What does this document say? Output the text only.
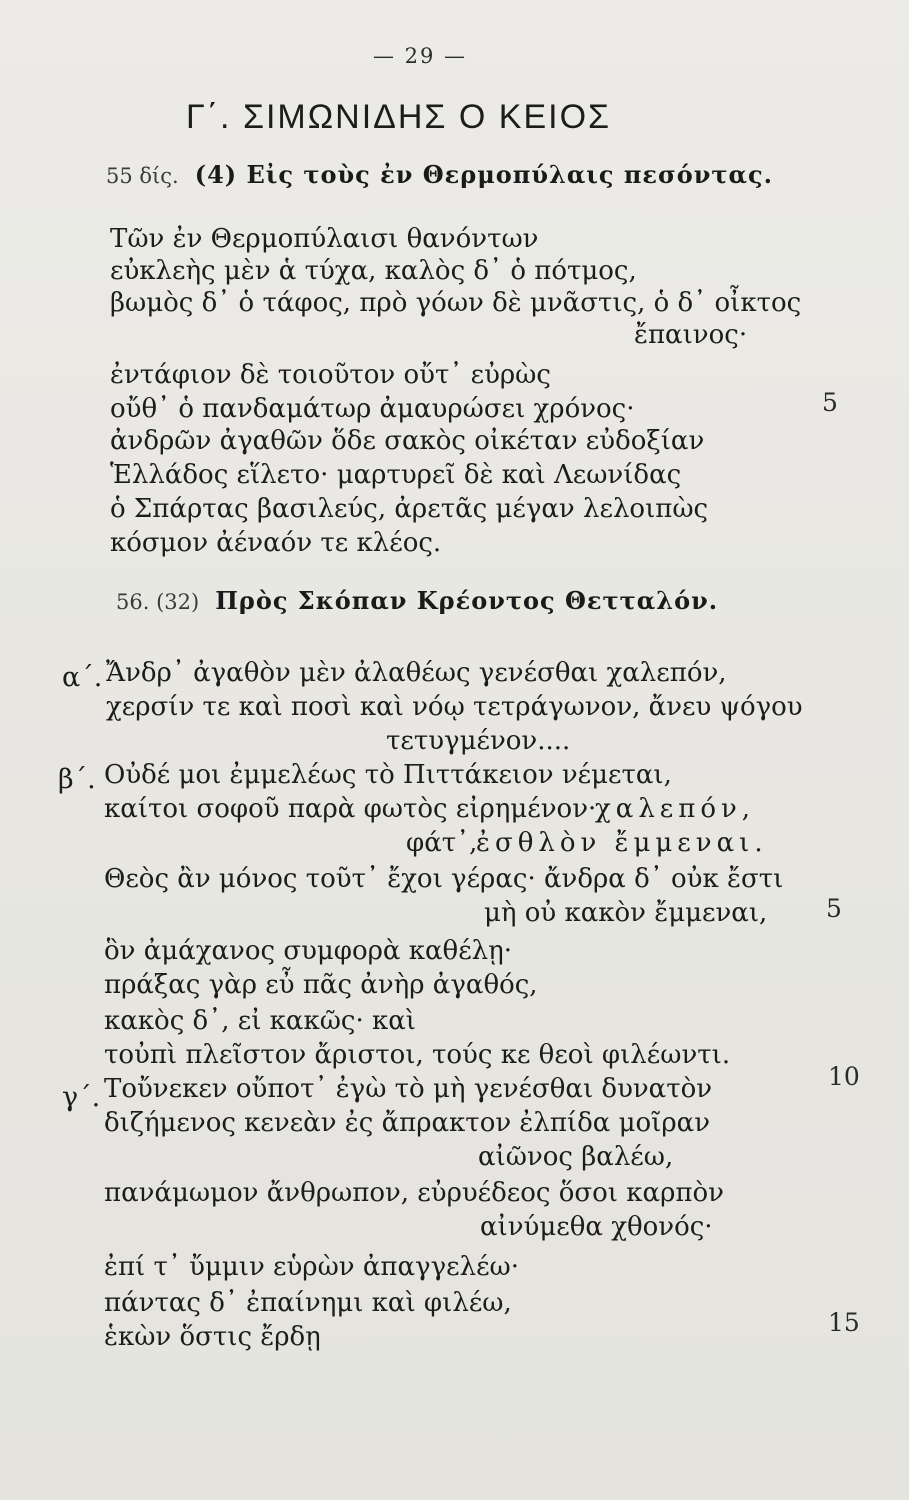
— 29 —
Γ΄. ΣΙΜΩΝΙΔΗΣ Ο ΚΕΙΟΣ
55 δίς. (4) Εἰς τοὺς ἐν Θερμοπύλαις πεσόντας.
Τῶν ἐν Θερμοπύλαισι θανόντων
εὐκλεὴς μὲν ἁ τύχα, καλὸς δ᾽ ὁ πότμος,
βωμὸς δ᾽ ὁ τάφος, πρὸ γόων δὲ μνᾶστις, ὁ δ᾽ οἶκτος
ἔπαινος·
ἐντάφιον δὲ τοιοῦτον οὔτ᾽ εὐρὼς
οὔθ᾽ ὁ πανδαμάτωρ ἀμαυρώσει χρόνος·
ἀνδρῶν ἀγαθῶν ὅδε σακὸς οἰκέταν εὐδοξίαν
Ἑλλάδος εἵλετο· μαρτυρεῖ δὲ καὶ Λεωνίδας
ὁ Σπάρτας βασιλεύς, ἀρετᾶς μέγαν λελοιπὼς
κόσμον ἀέναόν τε κλέος.
5
56. (32) Πρὸς Σκόπαν Κρέοντος Θετταλόν.
α΄. Ἄνδρ᾽ ἀγαθὸν μὲν ἀλαθέως γενέσθαι χαλεπόν,
χερσίν τε καὶ ποσὶ καὶ νόῳ τετράγωνον, ἄνευ ψόγου
τετυγμένον....
β΄. Οὐδέ μοι ἐμμελέως τὸ Πιττάκειον νέμεται,
καίτοι σοφοῦ παρὰ φωτὸς εἰρημένον·
χαλεπόν,
φάτ᾽,
ἐσθλὸν ἔμμεναι.
Θεὸς ἂν μόνος τοῦτ᾽ ἔχοι γέρας· ἄνδρα δ᾽ οὐκ ἔστι
μὴ οὐ κακὸν ἔμμεναι, 5
ὃν ἀμάχανος συμφορὰ καθέλῃ·
πράξας γὰρ εὖ πᾶς ἀνὴρ ἀγαθός,
κακὸς δ᾽, εἰ κακῶς· καὶ
τοὐπὶ πλεῖστον ἄριστοι, τούς κε θεοὶ φιλέωντι.
γ΄. Τοὔνεκεν οὔποτ᾽ ἐγὼ τὸ μὴ γενέσθαι δυνατὸν	10
διζήμενος κενεὰν ἐς ἄπρακτον ἐλπίδα μοῖραν
αἰῶνος βαλέω,
πανάμωμον ἄνθρωπον, εὐρυέδεος ὅσοι καρπὸν
αἰνύμεθα χθονός·
ἐπί τ᾽ ὔμμιν εὑρὼν ἀπαγγελέω·
πάντας δ᾽ ἐπαίνημι καὶ φιλέω,
ἑκὼν ὅστις ἔρδῃ	15
